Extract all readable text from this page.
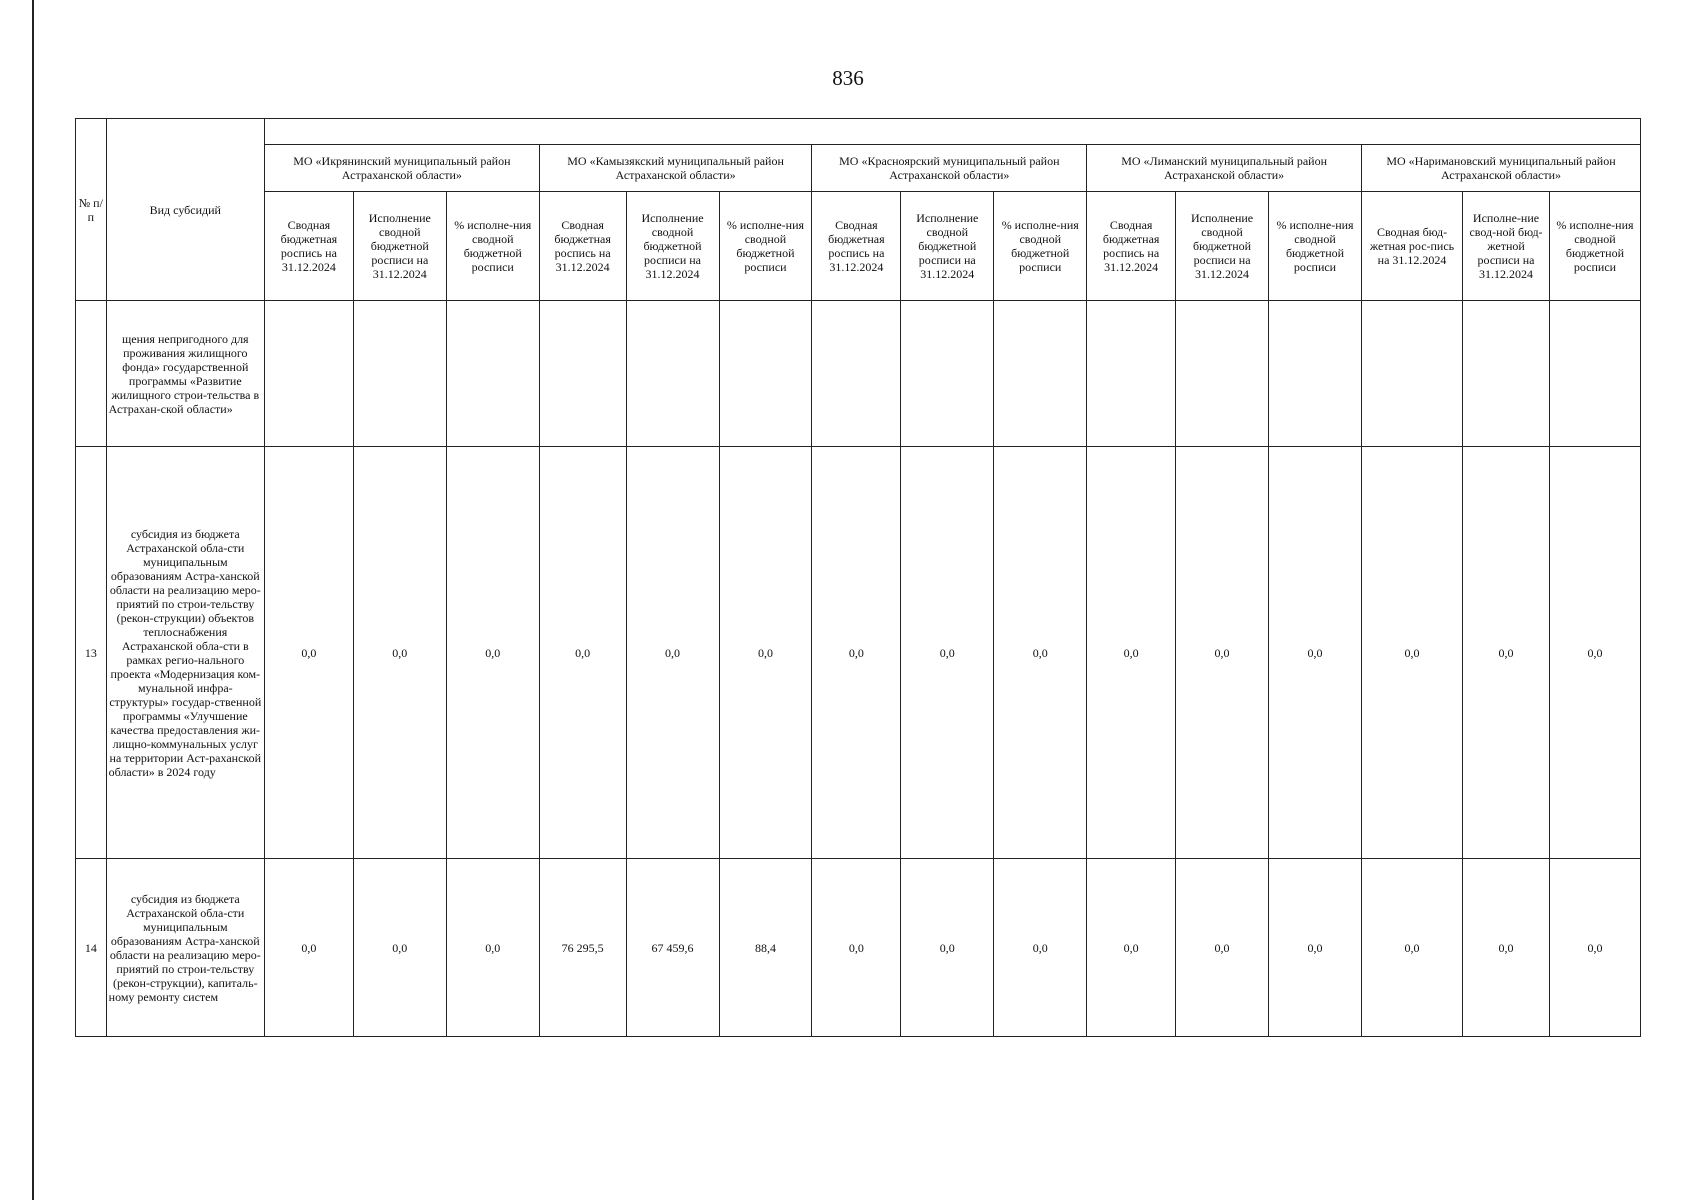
836
№ п/п	Вид субсидий															
		МО «Икрянинский муниципальный район Астраханской области»			МО «Камызякский муниципальный район Астраханской области»			МО «Красноярский муниципальный район Астраханской области»			МО «Лиманский муниципальный район Астраханской области»			МО «Наримановский муниципальный район Астраханской области»		
		Сводная бюджетная роспись на 31.12.2024	Исполнение сводной бюджетной росписи на 31.12.2024	% исполне-ния сводной бюджетной росписи	Сводная бюджетная роспись на 31.12.2024	Исполнение сводной бюджетной росписи на 31.12.2024	% исполне-ния сводной бюджетной росписи	Сводная бюджетная роспись на 31.12.2024	Исполнение сводной бюджетной росписи на 31.12.2024	% исполне-ния сводной бюджетной росписи	Сводная бюджетная роспись на 31.12.2024	Исполнение сводной бюджетной росписи на 31.12.2024	% исполне-ния сводной бюджетной росписи	Сводная бюд-жетная рос-пись на 31.12.2024	Исполне-ние свод-ной бюд-жетной росписи на 31.12.2024	% исполне-ния сводной бюджетной росписи
	щения непригодного для проживания жилищного фонда» государственной программы «Развитие жилищного строи-тельства в Астрахан-ской области»															
13	субсидия из бюджета Астраханской обла-сти муниципальным образованиям Астра-ханской области на реализацию меро-приятий по строи-тельству (рекон-струкции) объектов теплоснабжения Астраханской обла-сти в рамках регио-нального проекта «Модернизация ком-мунальной инфра-структуры» государ-ственной программы «Улучшение качества предоставления жи-лищно-коммунальных услуг на территории Аст-раханской области» в 2024 году	0,0	0,0	0,0	0,0	0,0	0,0	0,0	0,0	0,0	0,0	0,0	0,0	0,0	0,0	0,0
14	субсидия из бюджета Астраханской обла-сти муниципальным образованиям Астра-ханской области на реализацию меро-приятий по строи-тельству (рекон-струкции), капиталь-ному ремонту систем	0,0	0,0	0,0	76 295,5	67 459,6	88,4	0,0	0,0	0,0	0,0	0,0	0,0	0,0	0,0	0,0
